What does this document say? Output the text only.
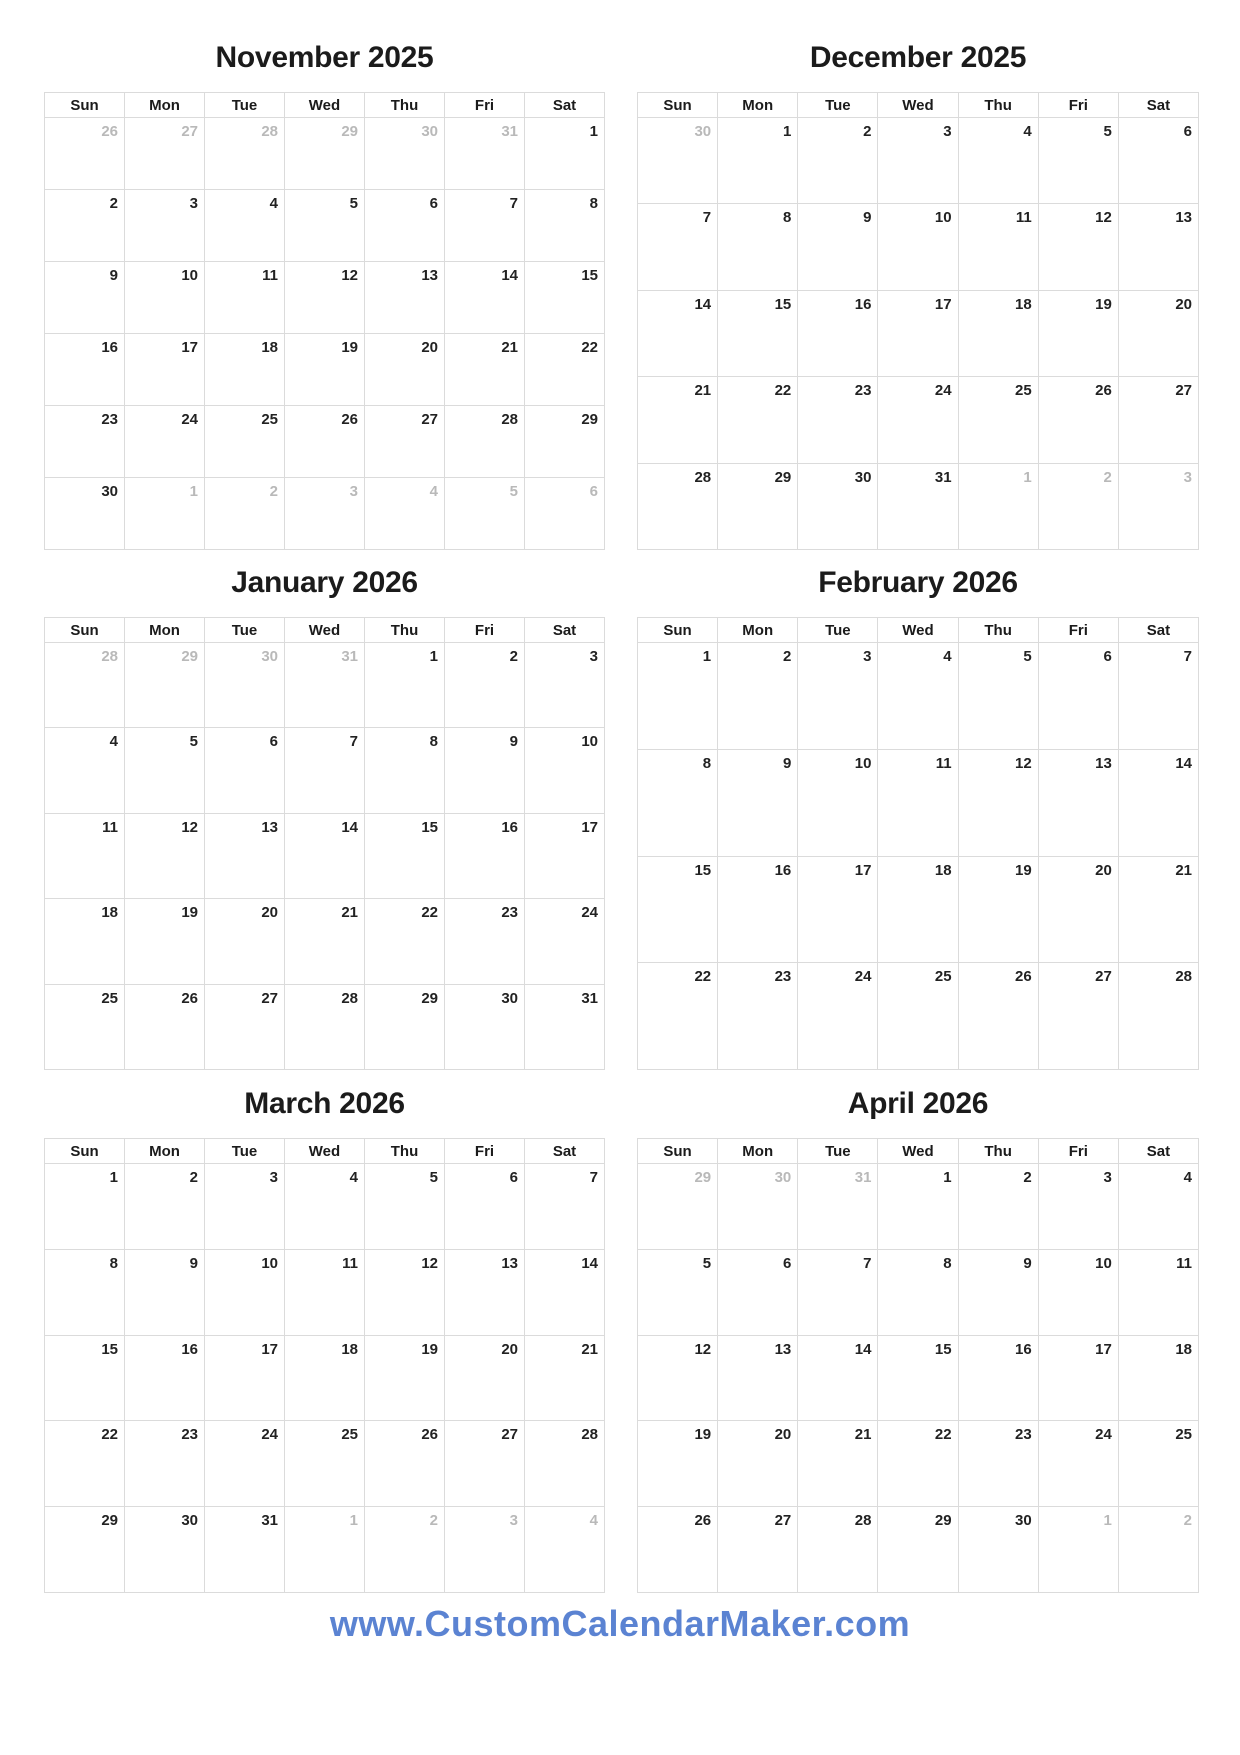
November 2025
Sun	Mon	Tue	Wed	Thu	Fri	Sat
26	27	28	29	30	31	1
2	3	4	5	6	7	8
9	10	11	12	13	14	15
16	17	18	19	20	21	22
23	24	25	26	27	28	29
30	1	2	3	4	5	6
December 2025
Sun	Mon	Tue	Wed	Thu	Fri	Sat
30	1	2	3	4	5	6
7	8	9	10	11	12	13
14	15	16	17	18	19	20
21	22	23	24	25	26	27
28	29	30	31	1	2	3
January 2026
Sun	Mon	Tue	Wed	Thu	Fri	Sat
28	29	30	31	1	2	3
4	5	6	7	8	9	10
11	12	13	14	15	16	17
18	19	20	21	22	23	24
25	26	27	28	29	30	31
February 2026
Sun	Mon	Tue	Wed	Thu	Fri	Sat
1	2	3	4	5	6	7
8	9	10	11	12	13	14
15	16	17	18	19	20	21
22	23	24	25	26	27	28
March 2026
Sun	Mon	Tue	Wed	Thu	Fri	Sat
1	2	3	4	5	6	7
8	9	10	11	12	13	14
15	16	17	18	19	20	21
22	23	24	25	26	27	28
29	30	31	1	2	3	4
April 2026
Sun	Mon	Tue	Wed	Thu	Fri	Sat
29	30	31	1	2	3	4
5	6	7	8	9	10	11
12	13	14	15	16	17	18
19	20	21	22	23	24	25
26	27	28	29	30	1	2
www.CustomCalendarMaker.com
